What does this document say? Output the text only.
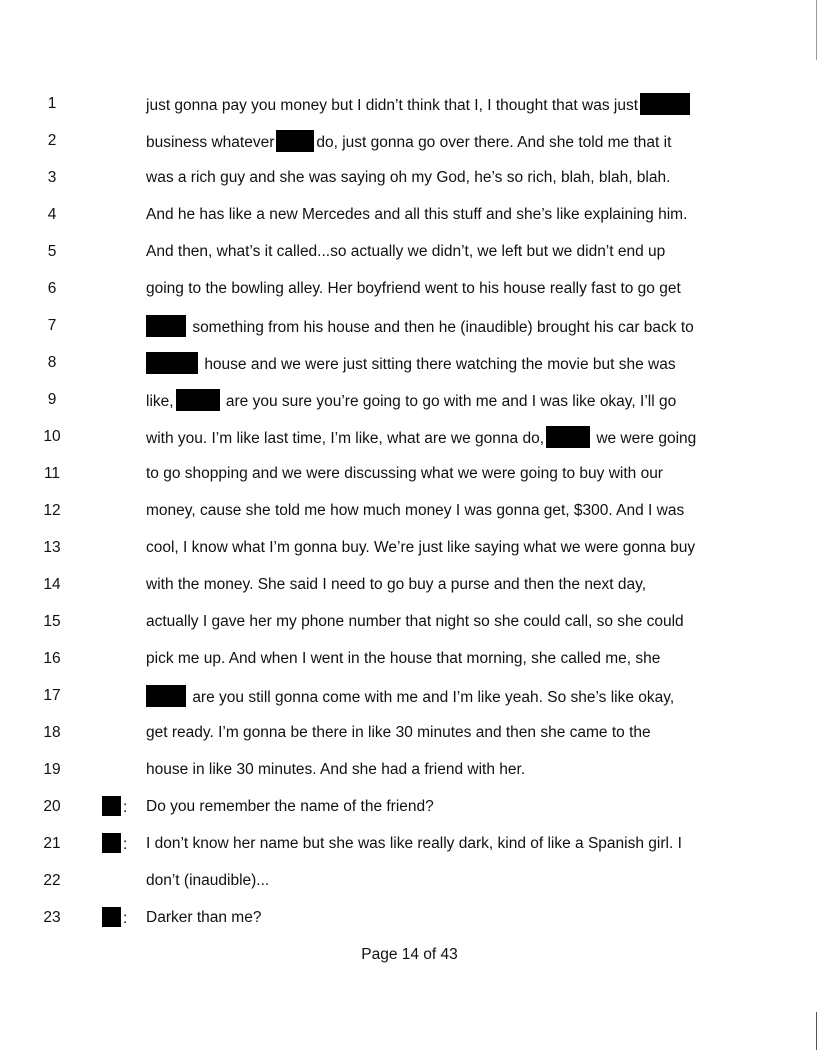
1	just gonna pay you money but I didn’t think that I, I thought that was just
2	business whatever	do, just gonna go over there. And she told me that it
3	was a rich guy and she was saying oh my God, he’s so rich, blah, blah, blah.
4	And he has like a new Mercedes and all this stuff and she’s like explaining him.
5	And then, what’s it called...so actually we didn’t, we left but we didn’t end up
6	going to the bowling alley. Her boyfriend went to his house really fast to go get
7	something from his house and then he (inaudible) brought his car back to
8	house and we were just sitting there watching the movie but she was
9	like,	are you sure you’re going to go with me and I was like okay, I’ll go
10	with you. I’m like last time, I’m like, what are we gonna do,	we were going
11	to go shopping and we were discussing what we were going to buy with our
12	money, cause she told me how much money I was gonna get, $300. And I was
13	cool, I know what I’m gonna buy. We’re just like saying what we were gonna buy
14	with the money. She said I need to go buy a purse and then the next day,
15	actually I gave her my phone number that night so she could call, so she could
16	pick me up. And when I went in the house that morning, she called me, she
17	are you still gonna come with me and I’m like yeah. So she’s like okay,
18	get ready. I’m gonna be there in like 30 minutes and then she came to the
19	house in like 30 minutes. And she had a friend with her.
20	: Do you remember the name of the friend?
21	: I don’t know her name but she was like really dark, kind of like a Spanish girl. I
22	don’t (inaudible)...
23	: Darker than me?
Page 14 of 43
